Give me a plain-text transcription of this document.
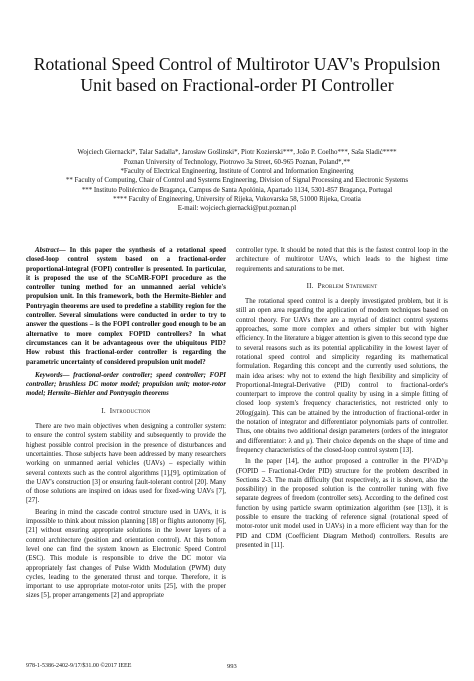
Rotational Speed Control of Multirotor UAV's Propulsion Unit based on Fractional-order PI Controller

Wojciech Giernacki*, Talar Sadalla*, Jarosław Goślinski*, Piotr Kozierski***, Joāo P. Coelho***, Saša Sladić****

Poznan University of Technology, Piotrowo 3a Street, 60-965 Poznan, Poland*,**
*Faculty of Electrical Engineering, Institute of Control and Information Engineering
** Faculty of Computing, Chair of Control and Systems Engineering, Division of Signal Processing and Electronic Systems
*** Instituto Politécnico de Bragança, Campus de Santa Apolónia, Apartado 1134, 5301-857 Bragança, Portugal
**** Faculty of Engineering, University of Rijeka, Vukovarska 58, 51000 Rijeka, Croatia
E-mail: wojciech.giernacki@put.poznan.pl

Abstract— In this paper the synthesis of a rotational speed closed-loop control system based on a fractional-order proportional-integral (FOPI) controller is presented. In particular, it is proposed the use of the SCoMR-FOPI procedure as the controller tuning method for an unmanned aerial vehicle's propulsion unit. In this framework, both the Hermite-Biehler and Pontryagin theorems are used to predefine a stability region for the controller. Several simulations were conducted in order to try to answer the questions – is the FOPI controller good enough to be an alternative to more complex FOPID controllers? In what circumstances can it be advantageous over the ubiquitous PID? How robust this fractional-order controller is regarding the parametric uncertainty of considered propulsion unit model?

Keywords— fractional-order controller; speed controller; FOPI controller; brushless DC motor model; propulsion unit; motor-rotor model; Hermite–Biehler and Pontryagin theorems

I. Introduction

There are two main objectives when designing a controller system: to ensure the control system stability and subsequently to provide the highest possible control precision in the presence of disturbances and uncertainties. Those subjects have been addressed by many researchers working on unmanned aerial vehicles (UAVs) – especially within several contexts such as the control algorithms [1],[9], optimization of the UAV's construction [3] or ensuring fault-tolerant control [20]. Many of those solutions are inspired on ideas used for fixed-wing UAVs [7],[27].

Bearing in mind the cascade control structure used in UAVs, it is impossible to think about mission planning [18] or flights autonomy [6],[21] without ensuring appropriate solutions in the lower layers of a control architecture (position and orientation control). At this bottom level one can find the system known as Electronic Speed Control (ESC). This module is responsible to drive the DC motor via appropriately fast changes of Pulse Width Modulation (PWM) duty cycles, leading to the generated thrust and torque. Therefore, it is important to use appropriate motor-rotor units [25], with the proper sizes [5], proper arrangements [2] and appropriate

controller type. It should be noted that this is the fastest control loop in the architecture of multirotor UAVs, which leads to the highest time requirements and saturations to be met.

II. Problem Statement

The rotational speed control is a deeply investigated problem, but it is still an open area regarding the application of modern techniques based on control theory. For UAVs there are a myriad of distinct control systems approaches, some more complex and others simpler but with higher efficiency. In the literature a bigger attention is given to this second type due to several reasons such as its potential applicability in the lowest layer of rotational speed control and simplicity regarding its mathematical formulation. Regarding this concept and the currently used solutions, the main idea arises: why not to extend the high flexibility and simplicity of Proportional-Integral-Derivative (PID) control to fractional-order's counterpart to improve the control quality by using in a simple fitting of closed loop system's frequency characteristics, not restricted only to 20log(gain). This can be attained by the introduction of fractional-order in the notation of integrator and differentiator polynomials parts of controller. Thus, one obtains two additional design parameters (orders of the integrator and differentiator: λ and μ). Their choice depends on the shape of time and frequency characteristics of the closed-loop control system [13].

In the paper [14], the author proposed a controller in the PI^λD^μ (FOPID – Fractional-Order PID) structure for the problem described in Sections 2-3. The main difficulty (but respectively, as it is shown, also the possibility) in the proposed solution is the controller tuning with five separate degrees of freedom (controller sets). According to the defined cost function by using particle swarm optimization algorithm (see [13]), it is possible to ensure the tracking of reference signal (rotational speed of motor-rotor unit model used in UAVs) in a more efficient way than for the PID and CDM (Coefficient Diagram Method) controllers. Results are presented in [11].

978-1-5386-2402-9/17/$31.00 ©2017 IEEE	993
